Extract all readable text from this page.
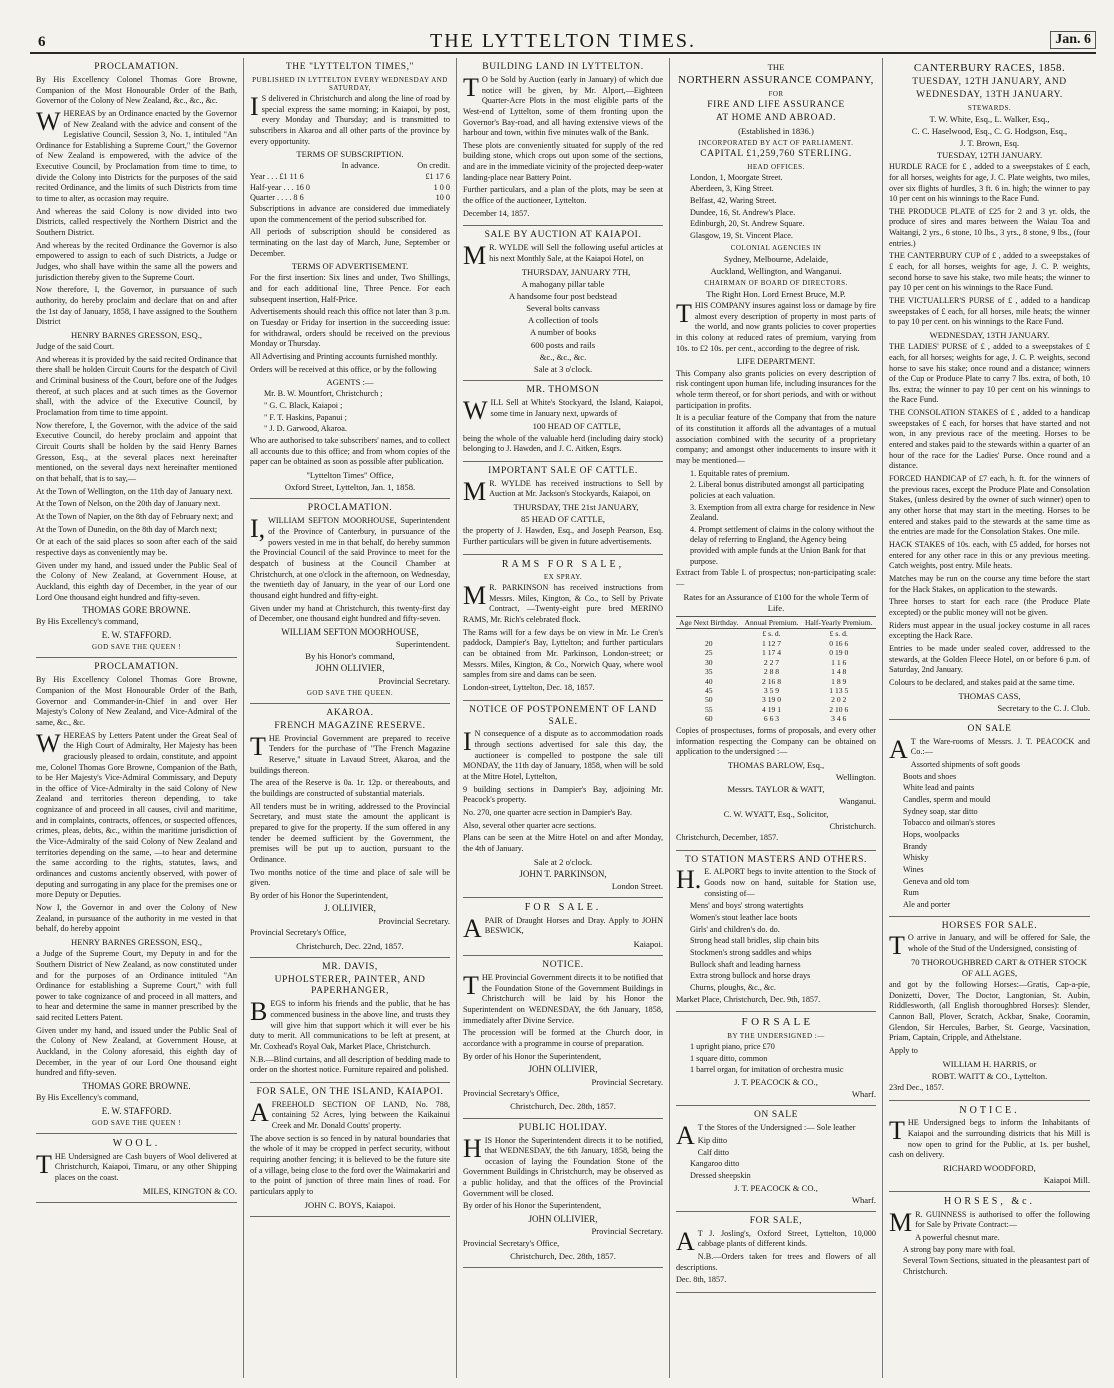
6	THE LYTTELTON TIMES.	Jan. 6
PROCLAMATION.

By His Excellency Colonel Thomas Gore Browne, Companion of the Most Honourable Order of the Bath, Governor of the Colony of New Zealand, &c., &c., &c.

WHEREAS by an Ordinance enacted by the Governor of New Zealand with the advice and consent of the Legislative Council, Session 3, No. 1, intituled "An Ordinance for Establishing a Supreme Court," the Governor of New Zealand is empowered, with the advice of the Executive Council, by Proclamation from time to time, to divide the Colony into Districts for the purposes of the said recited Ordinance, and the limits of such Districts from time to time to alter, as occasion may require.

And whereas the said Colony is now divided into two Districts, called respectively the Northern District and the Southern District.

And whereas by the recited Ordinance the Governor is also empowered to assign to each of such Districts, a Judge or Judges, who shall have within the same all the powers and jurisdiction thereby given to the Supreme Court.

Now therefore, I, the Governor, in pursuance of such authority, do hereby proclaim and declare that on and after the 1st day of January, 1858, I have assigned to the Southern District

HENRY BARNES GRESSON, ESQ.,

Judge of the said Court.

And whereas it is provided by the said recited Ordinance that there shall be holden Circuit Courts for the despatch of Civil and Criminal business of the Court, before one of the Judges thereof, at such places and at such times as the Governor shall, with the advice of the Executive Council, by Proclamation from time to time appoint.

Now therefore, I, the Governor, with the advice of the said Executive Council, do hereby proclaim and appoint that Circuit Courts shall be holden by the said Henry Barnes Gresson, Esq., at the several places next hereinafter mentioned, on the several days next hereinafter mentioned on that behalf, that is to say,—

At the Town of Wellington, on the 11th day of January next.

At the Town of Nelson, on the 20th day of January next.

At the Town of Napier, on the 8th day of February next; and

At the Town of Dunedin, on the 8th day of March next;

Or at each of the said places so soon after each of the said respective days as conveniently may be.

Given under my hand, and issued under the Public Seal of the Colony of New Zealand, at Government House, at Auckland, this eighth day of December, in the year of our Lord One thousand eight hundred and fifty-seven.

THOMAS GORE BROWNE.

By His Excellency's command,

E. W. STAFFORD.
GOD SAVE THE QUEEN !
PROCLAMATION.

By His Excellency Colonel Thomas Gore Browne, Companion of the Most Honourable Order of the Bath, Governor and Commander-in-Chief in and over Her Majesty's Colony of New Zealand, and Vice-Admiral of the same, &c., &c.

WHEREAS by Letters Patent under the Great Seal of the High Court of Admiralty, Her Majesty has been graciously pleased to ordain, constitute, and appoint me, Colonel Thomas Gore Browne, Companion of the Bath, to be Her Majesty's Vice-Admiral Commissary, and Deputy in the office of Vice-Admiralty in the said Colony of New Zealand and territories thereon depending, to take cognizance of and proceed in all causes, civil and maritime, and in complaints, contracts, offences, or suspected offences, crimes, pleas, debts, &c., within the maritime jurisdiction of the Vice-Admiralty of the said Colony of New Zealand and territories depending on the same, —to hear and determine the same according to the rights, statutes, laws, and ordinances and customs anciently observed, with power of deputing and surrogating in any place for the premises one or more Deputy or Deputies.

Now I, the Governor in and over the Colony of New Zealand, in pursuance of the authority in me vested in that behalf, do hereby appoint

HENRY BARNES GRESSON, ESQ.,

a Judge of the Supreme Court, my Deputy in and for the Southern District of New Zealand, as now constituted under and for the purposes of an Ordinance intituled "An Ordinance for establishing a Supreme Court," with full power to take cognizance of and proceed in all matters, and to hear and determine the same in manner prescribed by the said recited Letters Patent.

Given under my hand, and issued under the Public Seal of the Colony of New Zealand, at Government House, at Auckland, in the Colony aforesaid, this eighth day of December, in the year of our Lord One thousand eight hundred and fifty-seven.

THOMAS GORE BROWNE.

By His Excellency's command,

E. W. STAFFORD.
GOD SAVE THE QUEEN !
WOOL.

THE Undersigned are Cash buyers of Wool delivered at Christchurch, Kaiapoi, Timaru, or any other Shipping places on the coast.

MILES, KINGTON & CO.
THE "LYTTELTON TIMES,"
PUBLISHED IN LYTTELTON EVERY WEDNESDAY AND SATURDAY,

IS delivered in Christchurch and along the line of road by special express the same morning; in Kaiapoi, by post, every Monday and Thursday; and is transmitted to subscribers in Akaroa and all other parts of the province by every opportunity.

TERMS OF SUBSCRIPTION.
	In advance.	On credit.
Year . . . £1 11 6	£1 17 6
Half-year . . . 16 0	1 0 0
Quarter . . . . 8 6	10 0

Subscriptions in advance are considered due immediately upon the commencement of the period subscribed for.

All periods of subscription should be considered as terminating on the last day of March, June, September or December.

TERMS OF ADVERTISEMENT.

For the first insertion: Six lines and under, Two Shillings, and for each additional line, Three Pence. For each subsequent insertion, Half-Price.

Advertisements should reach this office not later than 3 p.m. on Tuesday or Friday for insertion in the succeeding issue: for withdrawal, orders should be received on the previous Monday or Thursday.

All Advertising and Printing accounts furnished monthly.

Orders will be received at this office, or by the following

AGENTS :—
Mr. B. W. Mountfort, Christchurch ;
" G. C. Black, Kaiapoi ;
" F. T. Haskins, Papanui ;
" J. D. Garwood, Akaroa.

Who are authorised to take subscribers' names, and to collect all accounts due to this office; and from whom copies of the paper can be obtained as soon as possible after publication.

"Lyttelton Times" Office,
Oxford Street, Lyttelton, Jan. 1, 1858.
PROCLAMATION.

I,WILLIAM SEFTON MOORHOUSE, Superintendent of the Province of Canterbury, in pursuance of the powers vested in me in that behalf, do hereby summon the Provincial Council of the said Province to meet for the despatch of business at the Council Chamber at Christchurch, at one o'clock in the afternoon, on Wednesday, the twentieth day of January, in the year of our Lord one thousand eight hundred and fifty-eight.

Given under my hand at Christchurch, this twenty-first day of December, one thousand eight hundred and fifty-seven.

WILLIAM SEFTON MOORHOUSE,
Superintendent.
By his Honor's command,
JOHN OLLIVIER,
Provincial Secretary.
GOD SAVE THE QUEEN.
AKAROA.
FRENCH MAGAZINE RESERVE.

THE Provincial Government are prepared to receive Tenders for the purchase of "The French Magazine Reserve," situate in Lavaud Street, Akaroa, and the buildings thereon.

The area of the Reserve is 0a. 1r. 12p. or thereabouts, and the buildings are constructed of substantial materials.

All tenders must be in writing, addressed to the Provincial Secretary, and must state the amount the applicant is prepared to give for the property. If the sum offered in any tender be deemed sufficient by the Government, the premises will be put up to auction, pursuant to the Ordinance.

Two months notice of the time and place of sale will be given.

By order of his Honor the Superintendent,

J. OLLIVIER,
Provincial Secretary.

Provincial Secretary's Office,

Christchurch, Dec. 22nd, 1857.
MR. DAVIS,
UPHOLSTERER, PAINTER, AND PAPERHANGER,

BEGS to inform his friends and the public, that he has commenced business in the above line, and trusts they will give him that support which it will ever be his duty to merit. All communications to be left at present, at Mr. Coxhead's Royal Oak, Market Place, Christchurch.

N.B.—Blind curtains, and all description of bedding made to order on the shortest notice. Furniture repaired and polished.

FOR SALE, ON THE ISLAND, KAIAPOI.

AFREEHOLD SECTION OF LAND, No. 788, containing 52 Acres, lying between the Kaikainui Creek and Mr. Donald Coutts' property.

The above section is so fenced in by natural boundaries that the whole of it may be cropped in perfect security, without requiring another fencing; it is believed to be the future site of a village, being close to the ford over the Waimakariri and to the point of junction of three main lines of road. For particulars apply to

JOHN C. BOYS, Kaiapoi.
BUILDING LAND IN LYTTELTON.

TO be Sold by Auction (early in January) of which due notice will be given, by Mr. Alport,—Eighteen Quarter-Acre Plots in the most eligible parts of the West-end of Lyttelton, some of them fronting upon the Governor's Bay-road, and all having extensive views of the harbour and town, within five minutes walk of the Bank.

These plots are conveniently situated for supply of the red building stone, which crops out upon some of the sections, and are in the immediate vicinity of the projected deep-water landing-place near Battery Point.

Further particulars, and a plan of the plots, may be seen at the office of the auctioneer, Lyttelton.

December 14, 1857.

SALE BY AUCTION AT KAIAPOI.

MR. WYLDE will Sell the following useful articles at his next Monthly Sale, at the Kaiapoi Hotel, on

THURSDAY, JANUARY 7TH,
A mahogany pillar table
A handsome four post bedstead
Several bolts canvass
A collection of tools
A number of books
600 posts and rails
&c., &c., &c.
Sale at 3 o'clock.
MR. THOMSON

WILL Sell at White's Stockyard, the Island, Kaiapoi, some time in January next, upwards of

100 HEAD OF CATTLE,

being the whole of the valuable herd (including dairy stock) belonging to J. Hawden, and J. C. Aitken, Esqrs.

IMPORTANT SALE OF CATTLE.

MR. WYLDE has received instructions to Sell by Auction at Mr. Jackson's Stockyards, Kaiapoi, on

THURSDAY, THE 21st JANUARY,
85 HEAD OF CATTLE,

the property of J. Hawden, Esq., and Joseph Pearson, Esq. Further particulars will be given in future advertisements.

RAMS FOR SALE,
EX SPRAY.

MR. PARKINSON has received instructions from Messrs. Miles, Kington, & Co., to Sell by Private Contract, —Twenty-eight pure bred MERINO RAMS, Mr. Rich's celebrated flock.

The Rams will for a few days be on view in Mr. Le Cren's paddock, Dampier's Bay, Lyttelton; and further particulars can be obtained from Mr. Parkinson, London-street; or Messrs. Miles, Kington, & Co., Norwich Quay, where wool samples from sire and dams can be seen.

London-street, Lyttelton, Dec. 18, 1857.

NOTICE OF POSTPONEMENT OF LAND SALE.

IN consequence of a dispute as to accommodation roads through sections advertised for sale this day, the auctioneer is compelled to postpone the sale till MONDAY, the 11th day of January, 1858, when will be sold at the Mitre Hotel, Lyttelton,

9 building sections in Dampier's Bay, adjoining Mr. Peacock's property.

No. 270, one quarter acre section in Dampier's Bay.

Also, several other quarter acre sections.

Plans can be seen at the Mitre Hotel on and after Monday, the 4th of January.

Sale at 2 o'clock.
JOHN T. PARKINSON,
London Street.
FOR SALE.

APAIR of Draught Horses and Dray. Apply to JOHN BESWICK,

Kaiapoi.
NOTICE.

THE Provincial Government directs it to be notified that the Foundation Stone of the Government Buildings in Christchurch will be laid by his Honor the Superintendent on WEDNESDAY, the 6th January, 1858, immediately after Divine Service.

The procession will be formed at the Church door, in accordance with a programme in course of preparation.

By order of his Honor the Superintendent,

JOHN OLLIVIER,
Provincial Secretary.

Provincial Secretary's Office,

Christchurch, Dec. 28th, 1857.
PUBLIC HOLIDAY.

HIS Honor the Superintendent directs it to be notified, that WEDNESDAY, the 6th January, 1858, being the occasion of laying the Foundation Stone of the Government Buildings in Christchurch, may be observed as a public holiday, and that the offices of the Provincial Government will be closed.

By order of his Honor the Superintendent,

JOHN OLLIVIER,
Provincial Secretary.

Provincial Secretary's Office,

Christchurch, Dec. 28th, 1857.
THE
NORTHERN ASSURANCE COMPANY,
FOR
FIRE AND LIFE ASSURANCE
AT HOME AND ABROAD.
(Established in 1836.)
INCORPORATED BY ACT OF PARLIAMENT.
CAPITAL £1,259,760 STERLING.
HEAD OFFICES.
London, 1, Moorgate Street.
Aberdeen, 3, King Street.
Belfast, 42, Waring Street.
Dundee, 16, St. Andrew's Place.
Edinburgh, 20, St. Andrew Square.
Glasgow, 19, St. Vincent Place.
COLONIAL AGENCIES IN
Sydney, Melbourne, Adelaide,
Auckland, Wellington, and Wanganui.
CHAIRMAN OF BOARD OF DIRECTORS.
The Right Hon. Lord Ernest Bruce, M.P.

THIS COMPANY insures against loss or damage by fire almost every description of property in most parts of the world, and now grants policies to cover properties in this colony at reduced rates of premium, varying from 10s. to £2 10s. per cent., according to the degree of risk.

LIFE DEPARTMENT.

This Company also grants policies on every description of risk contingent upon human life, including insurances for the whole term thereof, or for short periods, and with or without participation in profits.

It is a peculiar feature of the Company that from the nature of its constitution it affords all the advantages of a mutual association combined with the security of a proprietary company; and amongst other inducements to insure with it may be mentioned—

1. Equitable rates of premium.
2. Liberal bonus distributed amongst all participating policies at each valuation.
3. Exemption from all extra charge for residence in New Zealand.
4. Prompt settlement of claims in the colony without the delay of referring to England, the Agency being provided with ample funds at the Union Bank for that purpose.

Extract from Table I. of prospectus; non-participating scale:—

Rates for an Assurance of £100 for the whole Term of Life.
Age Next Birthday.	Annual Premium.	Half-Yearly Premium.
	£ s. d.	£ s. d.
20	1 12 7	0 16 6
25	1 17 4	0 19 0
30	2 2 7	1 1 6
35	2 8 8	1 4 8
40	2 16 8	1 8 9
45	3 5 9	1 13 5
50	3 19 0	2 0 2
55	4 19 1	2 10 6
60	6 6 3	3 4 6

Copies of prospectuses, forms of proposals, and every other information respecting the Company can be obtained on application to the undersigned :—

THOMAS BARLOW, Esq.,
Wellington.
Messrs. TAYLOR & WATT,
Wanganui.
C. W. WYATT, Esq., Solicitor,
Christchurch.

Christchurch, December, 1857.

TO STATION MASTERS AND OTHERS.

H.E. ALPORT begs to invite attention to the Stock of Goods now on hand, suitable for Station use, consisting of—

Mens' and boys' strong watertights
Women's stout leather lace boots
Girls' and children's do. do.
Strong head stall bridles, slip chain bits
Stockmen's strong saddles and whips
Bullock shaft and leading harness
Extra strong bullock and horse drays
Churns, ploughs, &c., &c.

Market Place, Christchurch, Dec. 9th, 1857.

F O R S A L E
BY THE UNDERSIGNED :—
1 upright piano, price £70
1 square ditto, common
1 barrel organ, for imitation of orchestra music
J. T. PEACOCK & CO.,
Wharf.
ON SALE

AT the Stores of the Undersigned :— Sole leather

Kip ditto
Calf ditto
Kangaroo ditto
Dressed sheepskin
J. T. PEACOCK & CO.,
Wharf.
FOR SALE,

AT J. Josling's, Oxford Street, Lyttelton, 10,000 cabbage plants of different kinds.

N.B.—Orders taken for trees and flowers of all descriptions.

Dec. 8th, 1857.

CANTERBURY RACES, 1858.
TUESDAY, 12TH JANUARY, AND
WEDNESDAY, 13TH JANUARY.
STEWARDS.
T. W. White, Esq., L. Walker, Esq.,
C. C. Haselwood, Esq., C. G. Hodgson, Esq.,
J. T. Brown, Esq.
TUESDAY, 12TH JANUARY.

HURDLE RACE for £ , added to a sweepstakes of £ each, for all horses, weights for age, J. C. Plate weights, two miles, over six flights of hurdles, 3 ft. 6 in. high; the winner to pay 10 per cent on his winnings to the Race Fund.

THE PRODUCE PLATE of £25 for 2 and 3 yr. olds, the produce of sires and mares between the Waiau Toa and Waitangi, 2 yrs., 6 stone, 10 lbs., 3 yrs., 8 stone, 9 lbs., (four entries.)

THE CANTERBURY CUP of £ , added to a sweepstakes of £ each, for all horses, weights for age, J. C. P. weights, second horse to save his stake, two mile heats; the winner to pay 10 per cent on his winnings to the Race Fund.

THE VICTUALLER'S PURSE of £ , added to a handicap sweepstakes of £ each, for all horses, mile heats; the winner to pay 10 per cent. on his winnings to the Race Fund.

WEDNESDAY, 13TH JANUARY.

THE LADIES' PURSE of £ , added to a sweepstakes of £ each, for all horses; weights for age, J. C. P. weights, second horse to save his stake; once round and a distance; winners of the Cup or Produce Plate to carry 7 lbs. extra, of both, 10 lbs. extra; the winner to pay 10 per cent on his winnings to the Race Fund.

THE CONSOLATION STAKES of £ , added to a handicap sweepstakes of £ each, for horses that have started and not won, in any previous race of the meeting. Horses to be entered and stakes paid to the stewards within a quarter of an hour of the race for the Ladies' Purse. Once round and a distance.

FORCED HANDICAP of £7 each, h. ft. for the winners of the previous races, except the Produce Plate and Consolation Stakes, (unless desired by the owner of such winner) open to any other horse that may start in the meeting. Horses to be entered and stakes paid to the stewards at the same time as the entries are made for the Consolation Stakes. One mile.

HACK STAKES of 10s. each, with £5 added, for horses not entered for any other race in this or any previous meeting. Catch weights, post entry. Mile heats.

Matches may be run on the course any time before the start for the Hack Stakes, on application to the stewards.

Three horses to start for each race (the Produce Plate excepted) or the public money will not be given.

Riders must appear in the usual jockey costume in all races excepting the Hack Race.

Entries to be made under sealed cover, addressed to the stewards, at the Golden Fleece Hotel, on or before 6 p.m. of Saturday, 2nd January.

Colours to be declared, and stakes paid at the same time.

THOMAS CASS,
Secretary to the C. J. Club.
ON SALE

AT the Ware-rooms of Messrs. J. T. PEACOCK and Co.:—

Assorted shipments of soft goods
Boots and shoes
White lead and paints
Candles, sperm and mould
Sydney soap, star ditto
Tobacco and oilman's stores
Hops, woolpacks
Brandy
Whisky
Wines
Geneva and old tom
Rum
Ale and porter
HORSES FOR SALE.

TO arrive in January, and will be offered for Sale, the whole of the Stud of the Undersigned, consisting of

70 THOROUGHBRED CART & OTHER STOCK OF ALL AGES,

and got by the following Horses:—Gratis, Cap-a-pie, Donizetti, Dover, The Doctor, Langtonian, St. Aubin, Riddlesworth, (all English thoroughbred Horses): Slender, Cannon Ball, Plover, Scratch, Ackbar, Snake, Cooramin, Glendon, Sir Hercules, Barber, St. George, Vacsination, Priam, Captain, Cripple, and Athelstane.

Apply to

WILLIAM H. HARRIS, or
ROBT. WAITT & CO., Lyttelton.

23rd Dec., 1857.

NOTICE.

THE Undersigned begs to inform the Inhabitants of Kaiapoi and the surrounding districts that his Mill is now open to grind for the Public, at 1s. per bushel, cash on delivery.

RICHARD WOODFORD,
Kaiapoi Mill.
HORSES, &c.

MR. GUINNESS is authorised to offer the following for Sale by Private Contract:—

A powerful chesnut mare.
A strong bay pony mare with foal.
Several Town Sections, situated in the pleasantest part of Christchurch.
